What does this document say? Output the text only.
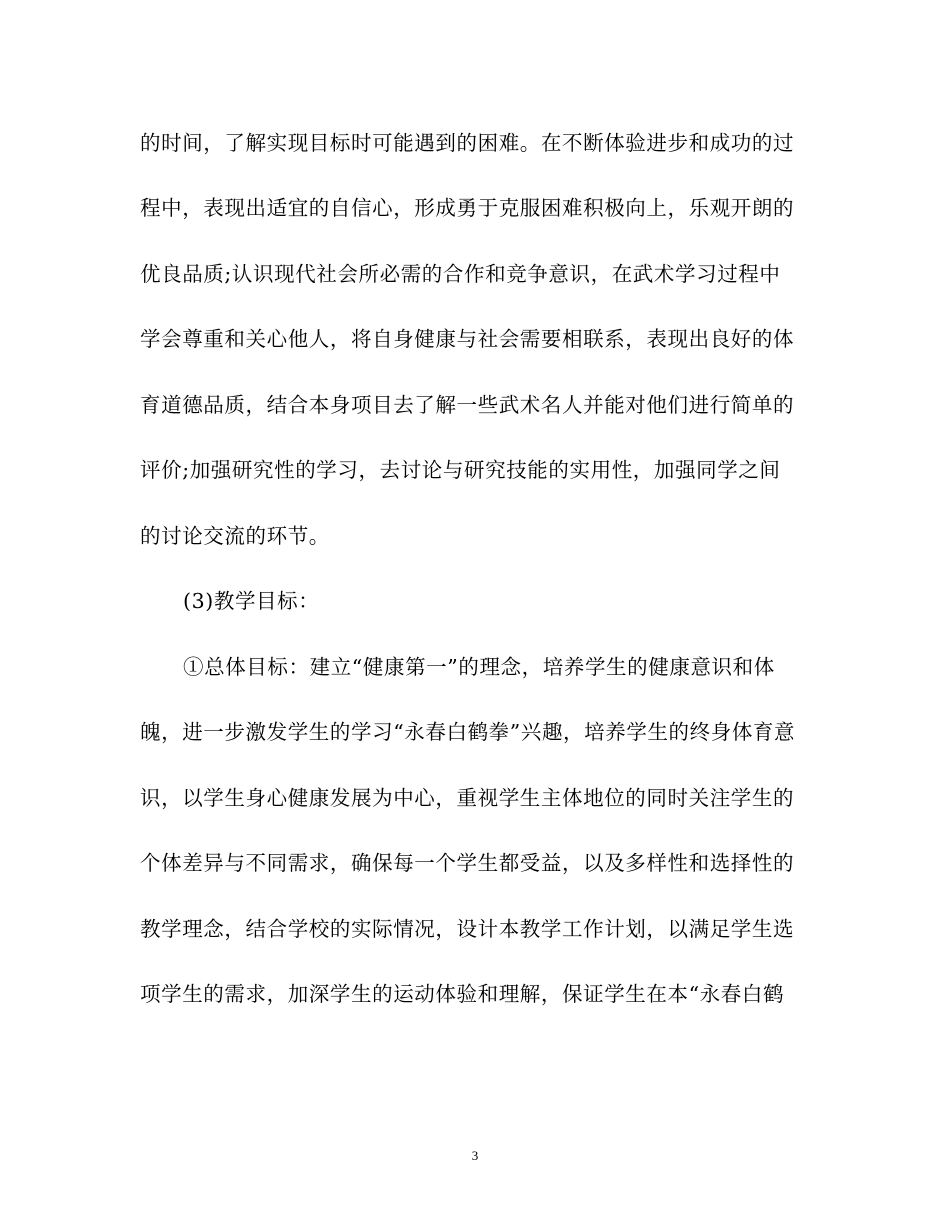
的时间，了解实现目标时可能遇到的困难。在不断体验进步和成功的过
程中，表现出适宜的自信心，形成勇于克服困难积极向上，乐观开朗的
优良品质;认识现代社会所必需的合作和竞争意识，在武术学习过程中
学会尊重和关心他人，将自身健康与社会需要相联系，表现出良好的体
育道德品质，结合本身项目去了解一些武术名人并能对他们进行简单的
评价;加强研究性的学习，去讨论与研究技能的实用性，加强同学之间
的讨论交流的环节。
(3)教学目标：
①总体目标：建立“健康第一”的理念，培养学生的健康意识和体
魄，进一步激发学生的学习“永春白鹤拳”兴趣，培养学生的终身体育意
识，以学生身心健康发展为中心，重视学生主体地位的同时关注学生的
个体差异与不同需求，确保每一个学生都受益，以及多样性和选择性的
教学理念，结合学校的实际情况，设计本教学工作计划，以满足学生选
项学生的需求，加深学生的运动体验和理解，保证学生在本“永春白鹤
3
